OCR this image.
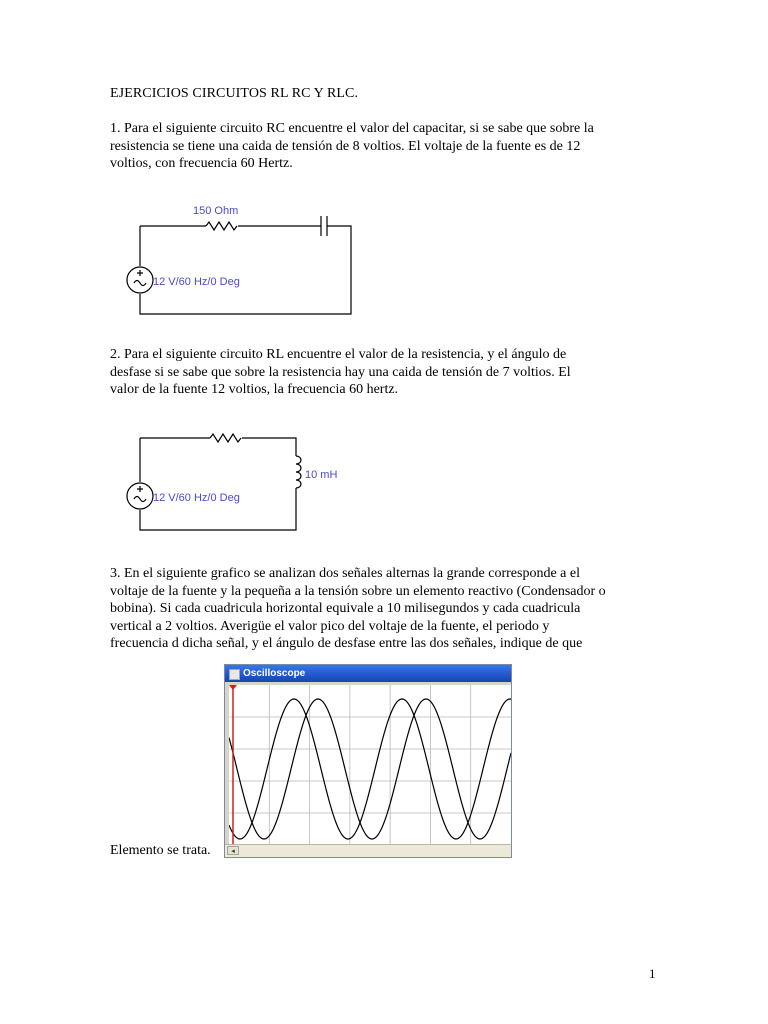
EJERCICIOS CIRCUITOS RL RC Y RLC.
1. Para el siguiente circuito RC encuentre el valor del capacitar, si se sabe que sobre la
resistencia se tiene una caida de tensión de 8 voltios. El voltaje de la fuente es de 12
voltios, con frecuencia 60 Hertz.
150 Ohm
12 V/60 Hz/0 Deg
2. Para el siguiente circuito RL encuentre el valor de la resistencia, y el ángulo de
desfase si se sabe que sobre la resistencia hay una caida de tensión de 7 voltios. El
valor de la fuente 12 voltios, la frecuencia 60 hertz.
10 mH
12 V/60 Hz/0 Deg
3. En el siguiente grafico se analizan dos señales alternas la grande corresponde a el
voltaje de la fuente y la pequeña a la tensión sobre un elemento reactivo (Condensador o
bobina). Si cada cuadricula horizontal equivale a 10 milisegundos y cada cuadricula
vertical a 2 voltios. Averigüe el valor pico del voltaje de la fuente, el periodo y
frecuencia d dicha señal, y el ángulo de desfase entre las dos señales, indique de que
Elemento se trata.
Oscilloscope
◂
1
